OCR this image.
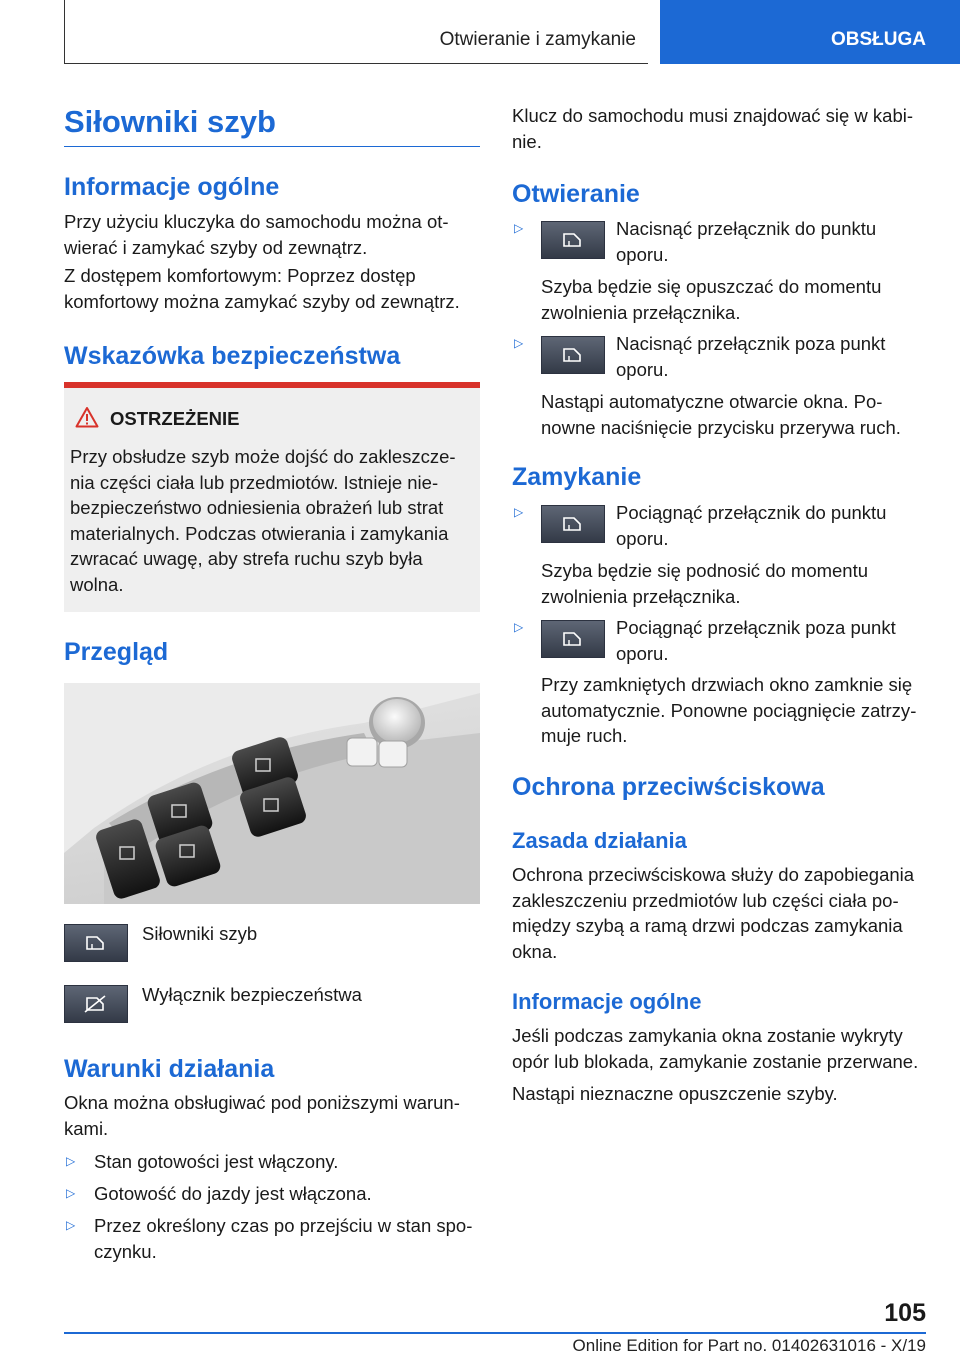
Otwieranie i zamykanie	OBSŁUGA
Siłowniki szyb
Informacje ogólne

Przy użyciu kluczyka do samochodu można otwierać i zamykać szyby od zewnątrz.

Z dostępem komfortowym: Poprzez dostęp komfortowy można zamykać szyby od zewnątrz.

Wskazówka bezpieczeństwa
OSTRZEŻENIE

Przy obsłudze szyb może dojść do zakleszczenia części ciała lub przedmiotów. Istnieje niebezpieczeństwo odniesienia obrażeń lub strat materialnych. Podczas otwierania i zamykania zwracać uwagę, aby strefa ruchu szyb była wolna.

Przegląd

Siłowniki szyb

Wyłącznik bezpieczeństwa

Warunki działania

Okna można obsługiwać pod poniższymi warunkami.

▷ Stan gotowości jest włączony.

▷ Gotowość do jazdy jest włączona.

▷ Przez określony czas po przejściu w stan spoczynku.

Klucz do samochodu musi znajdować się w kabinie.

Otwieranie
▷	Nacisnąć przełącznik do punktu oporu.

Szyba będzie się opuszczać do momentu zwolnienia przełącznika.

▷	Nacisnąć przełącznik poza punkt oporu.

Nastąpi automatyczne otwarcie okna. Ponowne naciśnięcie przycisku przerywa ruch.

Zamykanie
▷	Pociągnąć przełącznik do punktu oporu.

Szyba będzie się podnosić do momentu zwolnienia przełącznika.

▷	Pociągnąć przełącznik poza punkt oporu.

Przy zamkniętych drzwiach okno zamknie się automatycznie. Ponowne pociągnięcie zatrzymuje ruch.

Ochrona przeciwściskowa
Zasada działania

Ochrona przeciwściskowa służy do zapobiegania zakleszczeniu przedmiotów lub części ciała pomiędzy szybą a ramą drzwi podczas zamykania okna.

Informacje ogólne

Jeśli podczas zamykania okna zostanie wykryty opór lub blokada, zamykanie zostanie przerwane.

Nastąpi nieznaczne opuszczenie szyby.

105
Online Edition for Part no. 01402631016 - X/19
